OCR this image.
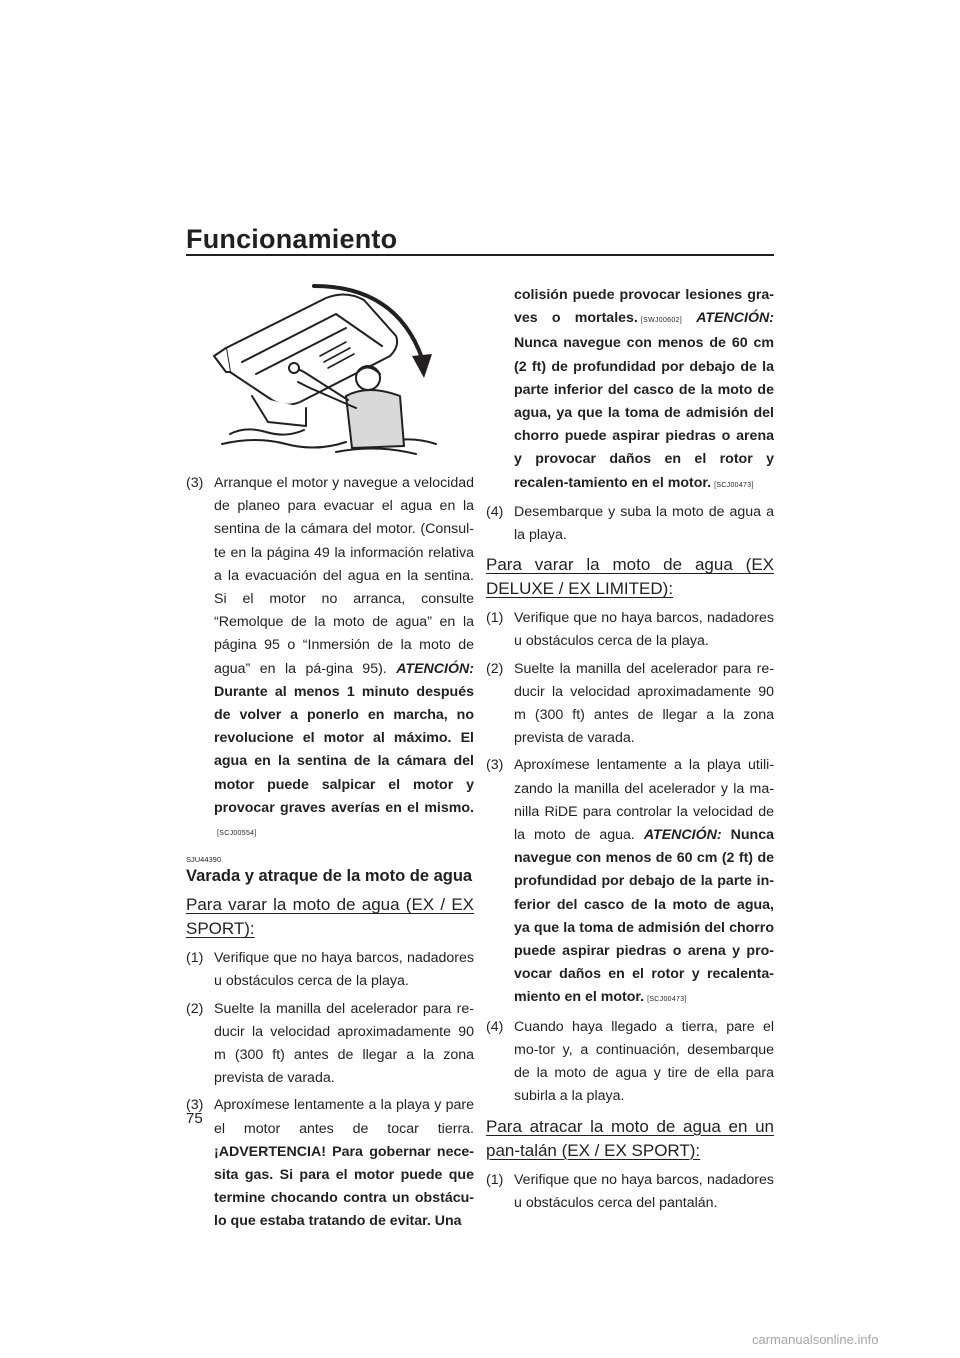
Funcionamiento
(3) Arranque el motor y navegue a velocidad de planeo para evacuar el agua en la sentina de la cámara del motor. (Consul-te en la página 49 la información relativa a la evacuación del agua en la sentina. Si el motor no arranca, consulte “Remolque de la moto de agua” en la página 95 o “Inmersión de la moto de agua” en la pá-gina 95). ATENCIÓN: Durante al menos 1 minuto después de volver a ponerlo en marcha, no revolucione el motor al máximo. El agua en la sentina de la cámara del motor puede salpicar el motor y provocar graves averías en el mismo.[SCJ00554]
SJU44390
Varada y atraque de la moto de agua
Para varar la moto de agua (EX / EX SPORT):
(1) Verifique que no haya barcos, nadadores u obstáculos cerca de la playa.
(2) Suelte la manilla del acelerador para re-ducir la velocidad aproximadamente 90 m (300 ft) antes de llegar a la zona prevista de varada.
(3) Aproxímese lentamente a la playa y pare el motor antes de tocar tierra. ¡ADVERTENCIA! Para gobernar nece-sita gas. Si para el motor puede que termine chocando contra un obstácu-lo que estaba tratando de evitar. Una
colisión puede provocar lesiones gra-ves o mortales. [SWJ00602] ATENCIÓN: Nunca navegue con menos de 60 cm (2 ft) de profundidad por debajo de la parte inferior del casco de la moto de agua, ya que la toma de admisión del chorro puede aspirar piedras o arena y provocar daños en el rotor y recalen-tamiento en el motor. [SCJ00473]
(4) Desembarque y suba la moto de agua a la playa.
Para varar la moto de agua (EX DELUXE / EX LIMITED):
(1) Verifique que no haya barcos, nadadores u obstáculos cerca de la playa.
(2) Suelte la manilla del acelerador para re-ducir la velocidad aproximadamente 90 m (300 ft) antes de llegar a la zona prevista de varada.
(3) Aproxímese lentamente a la playa utili-zando la manilla del acelerador y la ma-nilla RiDE para controlar la velocidad de la moto de agua. ATENCIÓN: Nunca navegue con menos de 60 cm (2 ft) de profundidad por debajo de la parte in-ferior del casco de la moto de agua, ya que la toma de admisión del chorro puede aspirar piedras o arena y pro-vocar daños en el rotor y recalenta-miento en el motor. [SCJ00473]
(4) Cuando haya llegado a tierra, pare el mo-tor y, a continuación, desembarque de la moto de agua y tire de ella para subirla a la playa.
Para atracar la moto de agua en un pan-talán (EX / EX SPORT):
(1) Verifique que no haya barcos, nadadores u obstáculos cerca del pantalán.
75
carmanualsonline.info
